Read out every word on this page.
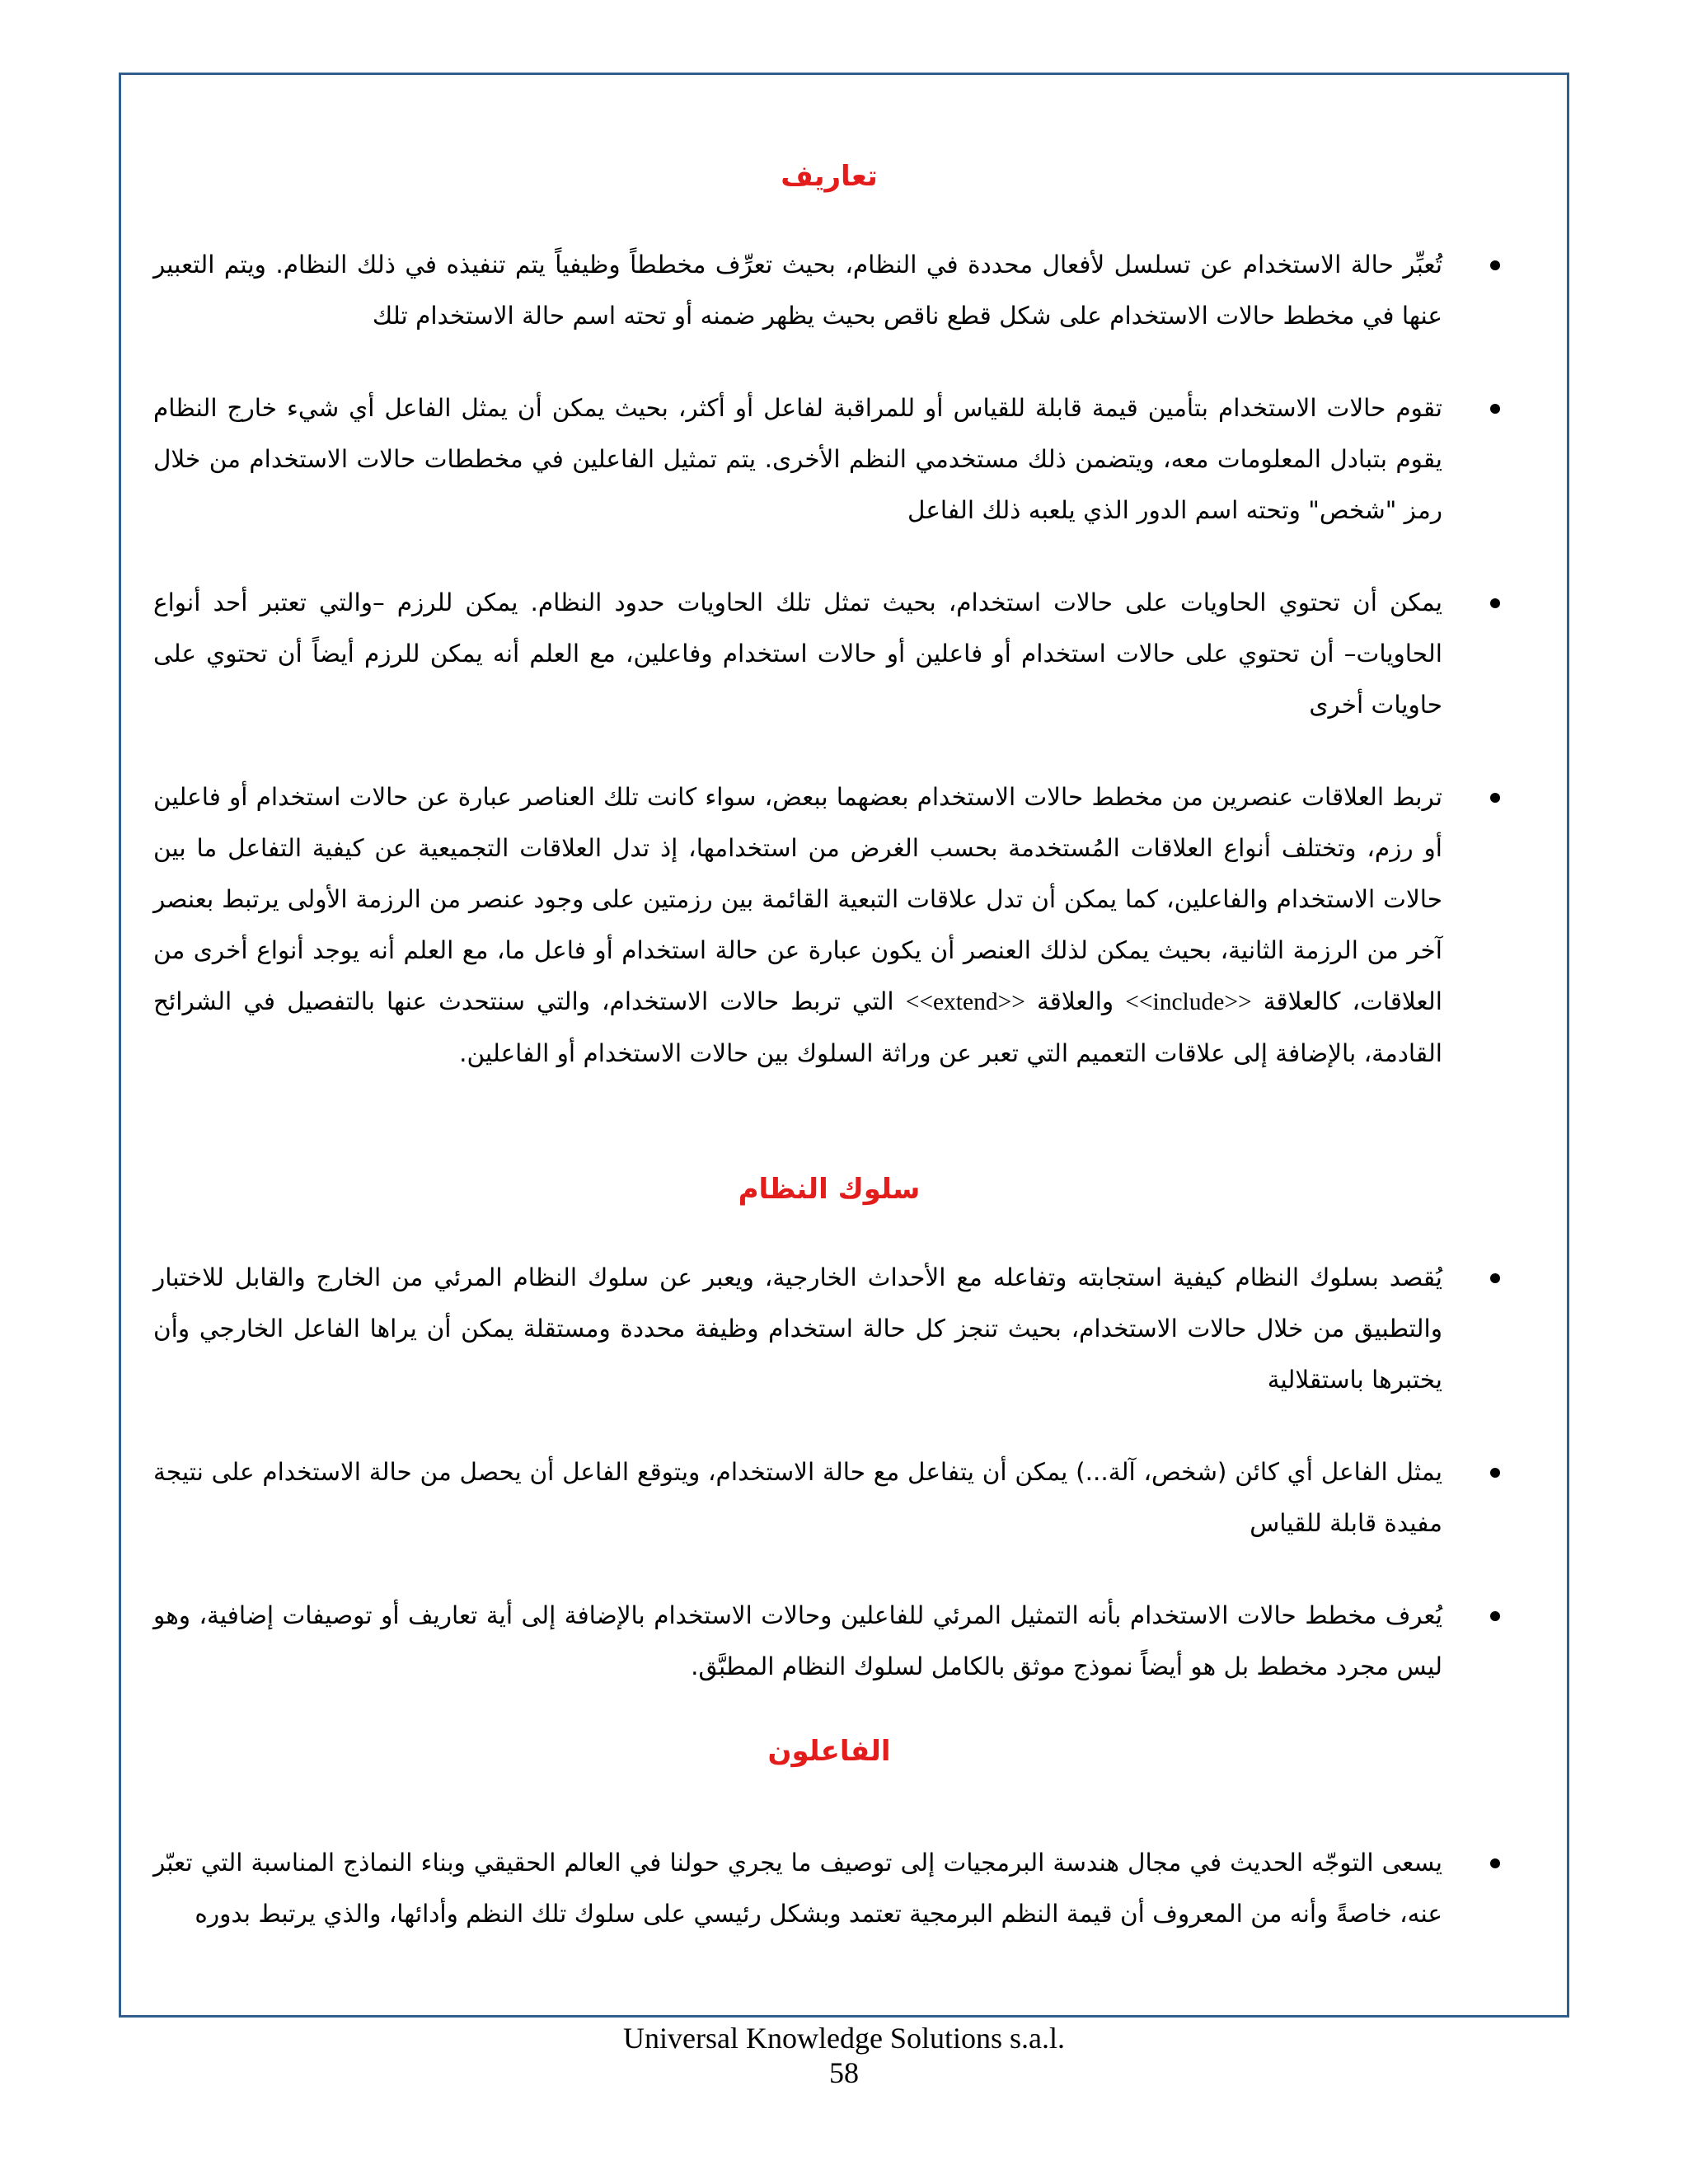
تعاريف
تُعبِّر حالة الاستخدام عن تسلسل لأفعال محددة في النظام، بحيث تعرِّف مخططاً وظيفياً يتم تنفيذه في ذلك النظام. ويتم التعبير عنها في مخطط حالات الاستخدام على شكل قطع ناقص بحيث يظهر ضمنه أو تحته اسم حالة الاستخدام تلك
تقوم حالات الاستخدام بتأمين قيمة قابلة للقياس أو للمراقبة لفاعل أو أكثر، بحيث يمكن أن يمثل الفاعل أي شيء خارج النظام يقوم بتبادل المعلومات معه، ويتضمن ذلك مستخدمي النظم الأخرى. يتم تمثيل الفاعلين في مخططات حالات الاستخدام من خلال رمز "شخص" وتحته اسم الدور الذي يلعبه ذلك الفاعل
يمكن أن تحتوي الحاويات على حالات استخدام، بحيث تمثل تلك الحاويات حدود النظام. يمكن للرزم –والتي تعتبر أحد أنواع الحاويات– أن تحتوي على حالات استخدام أو فاعلين أو حالات استخدام وفاعلين، مع العلم أنه يمكن للرزم أيضاً أن تحتوي على حاويات أخرى
تربط العلاقات عنصرين من مخطط حالات الاستخدام بعضهما ببعض، سواء كانت تلك العناصر عبارة عن حالات استخدام أو فاعلين أو رزم، وتختلف أنواع العلاقات المُستخدمة بحسب الغرض من استخدامها، إذ تدل العلاقات التجميعية عن كيفية التفاعل ما بين حالات الاستخدام والفاعلين، كما يمكن أن تدل علاقات التبعية القائمة بين رزمتين على وجود عنصر من الرزمة الأولى يرتبط بعنصر آخر من الرزمة الثانية، بحيث يمكن لذلك العنصر أن يكون عبارة عن حالة استخدام أو فاعل ما، مع العلم أنه يوجد أنواع أخرى من العلاقات، كالعلاقة <<include>> والعلاقة <<extend>> التي تربط حالات الاستخدام، والتي سنتحدث عنها بالتفصيل في الشرائح القادمة، بالإضافة إلى علاقات التعميم التي تعبر عن وراثة السلوك بين حالات الاستخدام أو الفاعلين.
سلوك النظام
يُقصد بسلوك النظام كيفية استجابته وتفاعله مع الأحداث الخارجية، ويعبر عن سلوك النظام المرئي من الخارج والقابل للاختبار والتطبيق من خلال حالات الاستخدام، بحيث تنجز كل حالة استخدام وظيفة محددة ومستقلة يمكن أن يراها الفاعل الخارجي وأن يختبرها باستقلالية
يمثل الفاعل أي كائن (شخص، آلة...) يمكن أن يتفاعل مع حالة الاستخدام، ويتوقع الفاعل أن يحصل من حالة الاستخدام على نتيجة مفيدة قابلة للقياس
يُعرف مخطط حالات الاستخدام بأنه التمثيل المرئي للفاعلين وحالات الاستخدام بالإضافة إلى أية تعاريف أو توصيفات إضافية، وهو ليس مجرد مخطط بل هو أيضاً نموذج موثق بالكامل لسلوك النظام المطبَّق.
الفاعلون
يسعى التوجّه الحديث في مجال هندسة البرمجيات إلى توصيف ما يجري حولنا في العالم الحقيقي وبناء النماذج المناسبة التي تعبّر عنه، خاصةً وأنه من المعروف أن قيمة النظم البرمجية تعتمد وبشكل رئيسي على سلوك تلك النظم وأدائها، والذي يرتبط بدوره
Universal Knowledge Solutions s.a.l.
58
